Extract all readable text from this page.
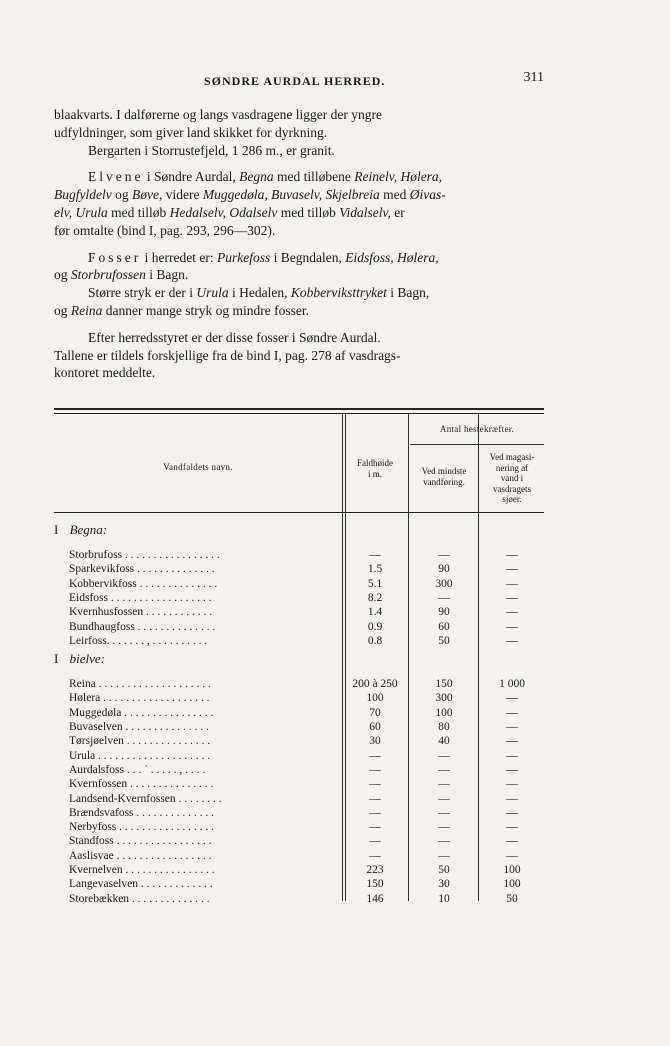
SØNDRE AURDAL HERRED.	311

blaakvarts. I dalførerne og langs vasdragene ligger der yngre
udfyldninger, som giver land skikket for dyrkning.

Bergarten i Storrustefjeld, 1 286 m., er granit.

Elvene i Søndre Aurdal, Begna med tilløbene Reinelv, Hølera,
Bugfyldelv og Bøve, videre Muggedøla, Buvaselv, Skjelbreia med Øivas-
elv, Urula med tilløb Hedalselv, Odalselv med tilløb Vidalselv, er
før omtalte (bind I, pag. 293, 296—302).

Fosser i herredet er: Purkefoss i Begndalen, Eidsfoss, Hølera,
og Storbrufossen i Bagn.

Større stryk er der i Urula i Hedalen, Kobberviksttryket i Bagn,
og Reina danner mange stryk og mindre fosser.

Efter herredsstyret er der disse fosser i Søndre Aurdal.
Tallene er tildels forskjellige fra de bind I, pag. 278 af vasdrags-
kontoret meddelte.

Vandfaldets navn.	Faldhøide
i m.
Antal hestekræfter.
Ved mindste
vandføring.
Ved magasi-
nering af
vand i
vasdragets
sjøer.
I Begna:
Storbrufoss . . . . . . . . . . . . . . . . .	—	—	—
Sparkevikfoss . . . . . . . . . . . . . .	1.5	90	—
Kobbervikfoss . . . . . . . . . . . . . .	5.1	300	—
Eidsfoss . . . . . . . . . . . . . . . . . .	8.2	—	—
Kvernhusfossen . . . . . . . . . . . .	1.4	90	—
Bundhaugfoss . . . . . . . . . . . . . .	0.9	60	—
Leirfoss. . . . . . . , . . . . . . . . . .	0.8	50	—
I bielve:
Reina . . . . . . . . . . . . . . . . . . . .	200 à 250	150	1 000
Hølera . . . . . . . . . . . . . . . . . . .	100	300	—
Muggedøla . . . . . . . . . . . . . . . .	70	100	—
Buvaselven . . . . . . . . . . . . . . .	60	80	—
Tørsjøelven . . . . . . . . . . . . . . .	30	40	—
Urula . . . . . . . . . . . . . . . . . . . .	—	—	—
Aurdalsfoss . . . ˙ . . . . . , . . . .	—	—	—
Kvernfossen . . . . . . . . . . . . . . .	—	—	—
Landsend-Kvernfossen . . . . . . . .	—	—	—
Brændsvafoss . . . . . . . . . . . . . .	—	—	—
Nerbyfoss . . . . . . . . . . . . . . . . .	—	—	—
Standfoss . . . . . . . . . . . . . . . . .	—	—	—
Aaslisvae . . . . . . . . . . . . . . . . .	—	—	—
Kvernelven . . . . . . . . . . . . . . . .	223	50	100
Langevaselven . . . . . . . . . . . . .	150	30	100
Storebækken . . . . . . . . . . . . . .	146	10	50
